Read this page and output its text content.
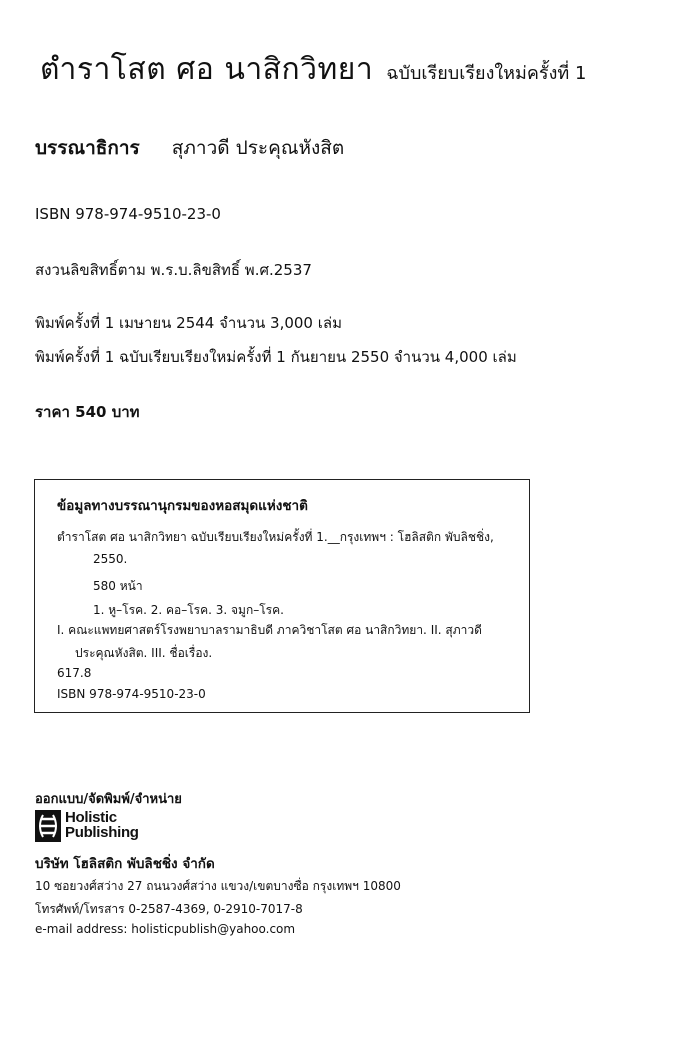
ตำราโสต ศอ นาสิกวิทยา ฉบับเรียบเรียงใหม่ครั้งที่ 1
บรรณาธิการ สุภาวดี ประคุณหังสิต
ISBN 978-974-9510-23-0
สงวนลิขสิทธิ์ตาม พ.ร.บ.ลิขสิทธิ์ พ.ศ.2537
พิมพ์ครั้งที่ 1 เมษายน 2544 จำนวน 3,000 เล่ม
พิมพ์ครั้งที่ 1 ฉบับเรียบเรียงใหม่ครั้งที่ 1 กันยายน 2550 จำนวน 4,000 เล่ม
ราคา 540 บาท
ข้อมูลทางบรรณานุกรมของหอสมุดแห่งชาติ
ตำราโสต ศอ นาสิกวิทยา ฉบับเรียบเรียงใหม่ครั้งที่ 1.__กรุงเทพฯ : โฮลิสติก พับลิชชิ่ง,
2550.
580 หน้า
1. หู–โรค. 2. คอ–โรค. 3. จมูก–โรค.
I. คณะแพทยศาสตร์โรงพยาบาลรามาธิบดี ภาควิชาโสต ศอ นาสิกวิทยา. II. สุภาวดี
ประคุณหังสิต. III. ชื่อเรื่อง.
617.8
ISBN 978-974-9510-23-0
ออกแบบ/จัดพิมพ์/จำหน่าย
Holistic
Publishing
บริษัท โฮลิสติก พับลิชชิ่ง จำกัด
10 ซอยวงศ์สว่าง 27 ถนนวงศ์สว่าง แขวง/เขตบางซื่อ กรุงเทพฯ 10800
โทรศัพท์/โทรสาร 0-2587-4369, 0-2910-7017-8
e-mail address: holisticpublish@yahoo.com
